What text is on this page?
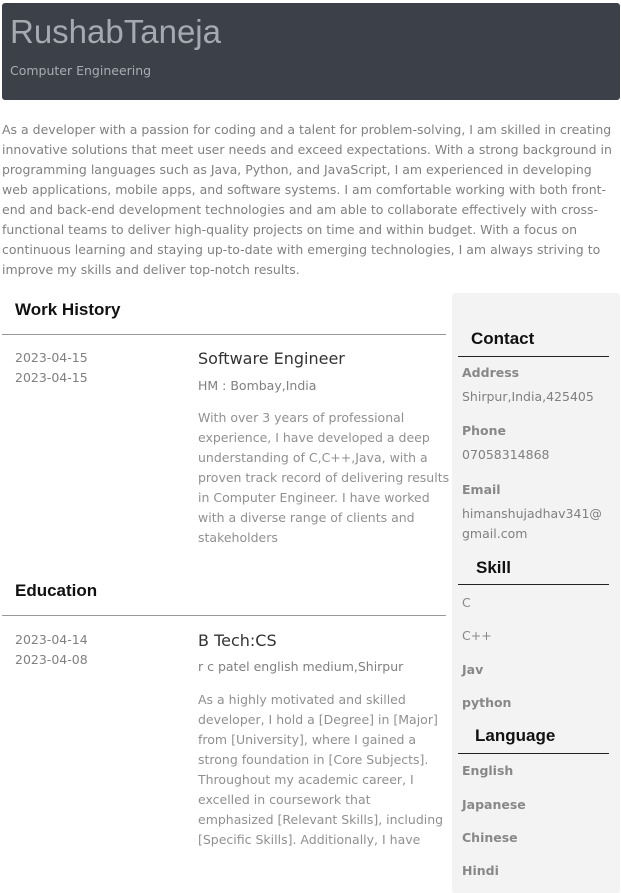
RushabTaneja
Computer Engineering
As a developer with a passion for coding and a talent for problem-solving, I am skilled in creating innovative solutions that meet user needs and exceed expectations. With a strong background in programming languages such as Java, Python, and JavaScript, I am experienced in developing web applications, mobile apps, and software systems. I am comfortable working with both front-end and back-end development technologies and am able to collaborate effectively with cross-functional teams to deliver high-quality projects on time and within budget. With a focus on continuous learning and staying up-to-date with emerging technologies, I am always striving to improve my skills and deliver top-notch results.
Work History
2023-04-15
2023-04-15
Software Engineer
HM : Bombay,India
With over 3 years of professional experience, I have developed a deep understanding of C,C++,Java, with a proven track record of delivering results in Computer Engineer. I have worked with a diverse range of clients and stakeholders
Education
2023-04-14
2023-04-08
B Tech:CS
r c patel english medium,Shirpur
As a highly motivated and skilled developer, I hold a [Degree] in [Major] from [University], where I gained a strong foundation in [Core Subjects]. Throughout my academic career, I excelled in coursework that emphasized [Relevant Skills], including [Specific Skills]. Additionally, I have
Contact
Address
Shirpur,India,425405
Phone
07058314868
Email
himanshujadhav341@gmail.com
Skill
C
C++
Jav
python
Language
English
Japanese
Chinese
Hindi
